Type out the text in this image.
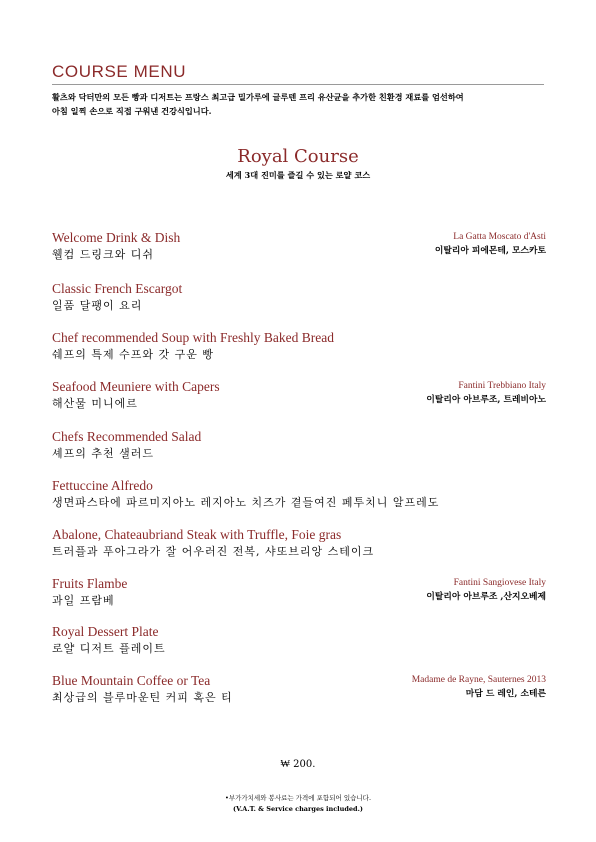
COURSE MENU
활츠와 닥터만의 모든 빵과 디저트는 프랑스 최고급 밀가루에 글루텐 프리 유산균을 추가한 친환경 재료를 엄선하여
아침 일찍 손으로 직접 구워낸 건강식입니다.
Royal Course
세계 3대 진미를 즐길 수 있는 로얄 코스
Welcome Drink & Dish
웰컴 드링크와 디쉬
La Gatta Moscato d'Asti
이탈리아 피에몬테, 모스카토
Classic French Escargot
일품 달팽이 요리
Chef recommended Soup with Freshly Baked Bread
쉐프의 특제 수프와 갓 구운 빵
Seafood Meuniere with Capers
해산물 미니에르
Fantini Trebbiano Italy
이탈리아 아브루조, 트레비아노
Chefs Recommended Salad
셰프의 추천 샐러드
Fettuccine Alfredo
생면파스타에 파르미지아노 레지아노 치즈가 곁들여진 페투치니 알프레도
Abalone, Chateaubriand Steak with Truffle, Foie gras
트러플과 푸아그라가 잘 어우러진 전복, 샤또브리앙 스테이크
Fruits Flambe
과일 프람베
Fantini Sangiovese Italy
이탈리아 아브루조 ,산지오베제
Royal Dessert Plate
로얄 디저트 플레이트
Blue Mountain Coffee or Tea
최상급의 블루마운틴 커피 혹은 티
Madame de Rayne, Sauternes 2013
마담 드 레인, 소테른
₩ 200.
•부가가치세와 봉사료는 가격에 포함되어 있습니다.
(V.A.T. & Service charges included.)
